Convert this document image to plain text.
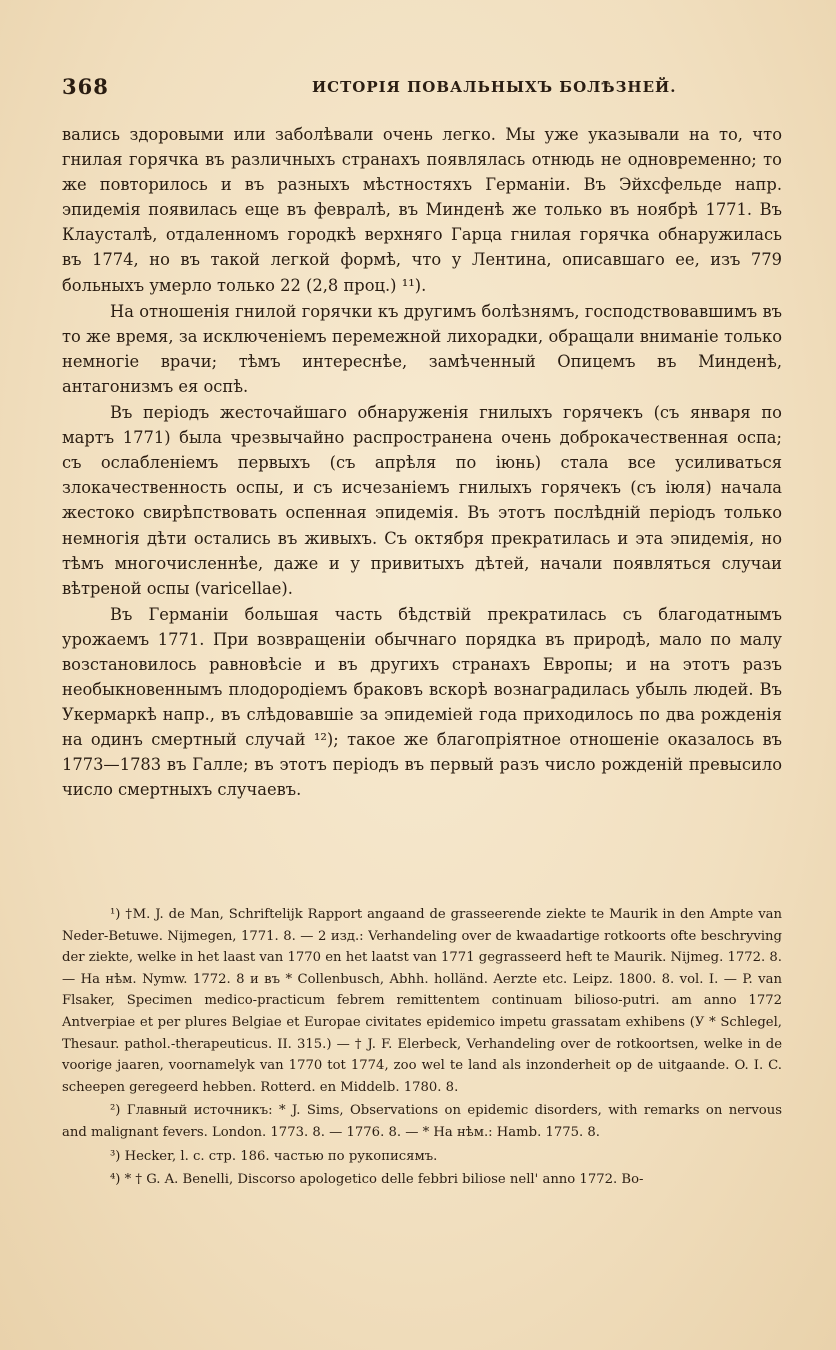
368	ИСТОРІЯ ПОВАЛЬНЫХЪ БОЛѢЗНЕЙ.

вались здоровыми или заболѣвали очень легко. Мы уже указывали на то, что гнилая горячка въ различныхъ странахъ появлялась отнюдь не одновременно; то же повторилось и въ разныхъ мѣстностяхъ Германіи. Въ Эйхсфельде напр. эпидемія появилась еще въ февралѣ, въ Минденѣ же только въ ноябрѣ 1771. Въ Клаусталѣ, отдаленномъ городкѣ верхняго Гарца гнилая горячка обнаружилась въ 1774, но въ такой легкой формѣ, что у Лентина, описавшаго ее, изъ 779 больныхъ умерло только 22 (2,8 проц.) ¹¹).

На отношенія гнилой горячки къ другимъ болѣзнямъ, господствовавшимъ въ то же время, за исключеніемъ перемежной лихорадки, обращали вниманіе только немногіе врачи; тѣмъ интереснѣе, замѣченный Опицемъ въ Минденѣ, антагонизмъ ея оспѣ.

Въ періодъ жесточайшаго обнаруженія гнилыхъ горячекъ (съ января по мартъ 1771) была чрезвычайно распространена очень доброкачественная оспа; съ ослабленіемъ первыхъ (съ апрѣля по іюнь) стала все усиливаться злокачественность оспы, и съ исчезаніемъ гнилыхъ горячекъ (съ іюля) начала жестоко свирѣпствовать оспенная эпидемія. Въ этотъ послѣдній періодъ только немногія дѣти остались въ живыхъ. Съ октября прекратилась и эта эпидемія, но тѣмъ многочисленнѣе, даже и у привитыхъ дѣтей, начали появляться случаи вѣтреной оспы (varicellae).

Въ Германіи большая часть бѣдствій прекратилась съ благодатнымъ урожаемъ 1771. При возвращеніи обычнаго порядка въ природѣ, мало по малу возстановилось равновѣсіе и въ другихъ странахъ Европы; и на этотъ разъ необыкновеннымъ плодородіемъ браковъ вскорѣ вознаградилась убыль людей. Въ Укермаркѣ напр., въ слѣдовавшіе за эпидеміей года приходилось по два рожденія на одинъ смертный случай ¹²); такое же благопріятное отношеніе оказалось въ 1773—1783 въ Галле; въ этотъ періодъ въ первый разъ число рожденій превысило число смертныхъ случаевъ.

¹) †M. J. de Man, Schriftelijk Rapport angaand de grasseerende ziekte te Maurik in den Ampte van Neder-Betuwe. Nijmegen, 1771. 8. — 2 изд.: Verhandeling over de kwaadartige rotkoorts ofte beschryving der ziekte, welke in het laast van 1770 en het laatst van 1771 gegrasseerd heft te Maurik. Nijmeg. 1772. 8. — На нѣм. Nymw. 1772. 8 и въ * Collenbusch, Abhh. holländ. Aerzte etc. Leipz. 1800. 8. vol. I. — P. van Flsaker, Specimen medico-practicum febrem remittentem continuam bilioso-putri. am anno 1772 Antverpiae et per plures Belgiae et Europae civitates epidemico impetu grassatam exhibens (У * Schlegel, Thesaur. pathol.-therapeuticus. II. 315.) — † J. F. Elerbeck, Verhandeling over de rotkoortsen, welke in de voorige jaaren, voornamelyk van 1770 tot 1774, zoo wel te land als inzonderheit op de uitgaande. O. I. C. scheepen geregeerd hebben. Rotterd. en Middelb. 1780. 8.

²) Главный источникъ: * J. Sims, Observations on epidemic disorders, with remarks on nervous and malignant fevers. London. 1773. 8. — 1776. 8. — * На нѣм.: Hamb. 1775. 8.

³) Hecker, l. c. стр. 186. частью по рукописямъ.

⁴) * † G. A. Benelli, Discorso apologetico delle febbri biliose nell' anno 1772. Bo-
